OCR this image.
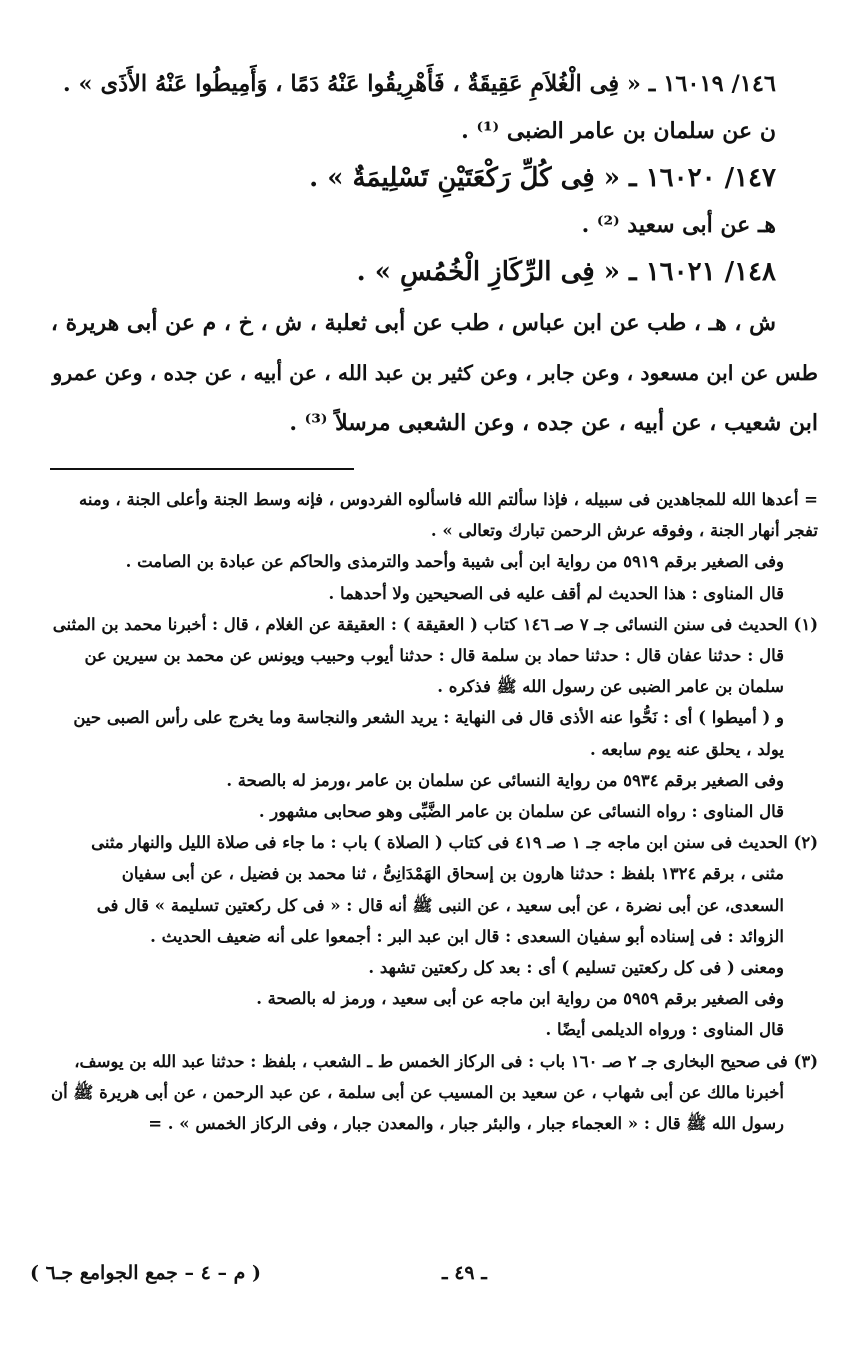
١٤٦/ ١٦٠١٩ ـ « فِى الْغُلاَمِ عَقِيقَةٌ ، فَأَهْرِيقُوا عَنْهُ دَمًا ، وَأَمِيطُوا عَنْهُ الأَذَى » .
ن عن سلمان بن عامر الضبى ⁽¹⁾ .
١٤٧/ ١٦٠٢٠ ـ « فِى كُلِّ رَكْعَتَيْنِ تَسْلِيمَةٌ » .
هـ عن أبى سعيد ⁽²⁾ .
١٤٨/ ١٦٠٢١ ـ « فِى الرِّكَازِ الْخُمُسِ » .
ش ، هـ ، طب عن ابن عباس ، طب عن أبى ثعلبة ، ش ، خ ، م عن أبى هريرة ،
طس عن ابن مسعود ، وعن جابر ، وعن كثير بن عبد الله ، عن أبيه ، عن جده ، وعن عمرو
ابن شعيب ، عن أبيه ، عن جده ، وعن الشعبى مرسلاً ⁽³⁾ .
= أعدها الله للمجاهدين فى سبيله ، فإذا سألتم الله فاسألوه الفردوس ، فإنه وسط الجنة وأعلى الجنة ، ومنه
تفجر أنهار الجنة ، وفوقه عرش الرحمن تبارك وتعالى » .
وفى الصغير برقم ٥٩١٩ من رواية ابن أبى شيبة وأحمد والترمذى والحاكم عن عبادة بن الصامت .
قال المناوى : هذا الحديث لم أقف عليه فى الصحيحين ولا أحدهما .
(١) الحديث فى سنن النسائى جـ ٧ صـ ١٤٦ كتاب ( العقيقة ) : العقيقة عن الغلام ، قال : أخبرنا محمد بن المثنى
قال : حدثنا عفان قال : حدثنا حماد بن سلمة قال : حدثنا أيوب وحبيب ويونس عن محمد بن سيرين عن
سلمان بن عامر الضبى عن رسول الله ﷺ فذكره .
و ( أميطوا ) أى : نَحُّوا عنه الأذى قال فى النهاية : يريد الشعر والنجاسة وما يخرج على رأس الصبى حين
يولد ، يحلق عنه يوم سابعه .
وفى الصغير برقم ٥٩٣٤ من رواية النسائى عن سلمان بن عامر ،ورمز له بالصحة .
قال المناوى : رواه النسائى عن سلمان بن عامر الضَّبِّى وهو صحابى مشهور .
(٢) الحديث فى سنن ابن ماجه جـ ١ صـ ٤١٩ فى كتاب ( الصلاة ) باب : ما جاء فى صلاة الليل والنهار مثنى
مثنى ، برقم ١٣٢٤ بلفظ : حدثنا هارون بن إسحاق الهَمْدَانِىُّ ، ثنا محمد بن فضيل ، عن أبى سفيان
السعدى، عن أبى نضرة ، عن أبى سعيد ، عن النبى ﷺ أنه قال : « فى كل ركعتين تسليمة » قال فى
الزوائد : فى إسناده أبو سفيان السعدى : قال ابن عبد البر : أجمعوا على أنه ضعيف الحديث .
ومعنى ( فى كل ركعتين تسليم ) أى : بعد كل ركعتين تشهد .
وفى الصغير برقم ٥٩٥٩ من رواية ابن ماجه عن أبى سعيد ، ورمز له بالصحة .
قال المناوى : ورواه الديلمى أيضًا .
(٣) فى صحيح البخارى جـ ٢ صـ ١٦٠ باب : فى الركاز الخمس ط ـ الشعب ، بلفظ : حدثنا عبد الله بن يوسف،
أخبرنا مالك عن أبى شهاب ، عن سعيد بن المسيب عن أبى سلمة ، عن عبد الرحمن ، عن أبى هريرة ﷺ أن
رسول الله ﷺ قال : « العجماء جبار ، والبئر جبار ، والمعدن جبار ، وفى الركاز الخمس » . =
ـ ٤٩ ـ
( م – ٤ – جمع الجوامع جـ٦ )
